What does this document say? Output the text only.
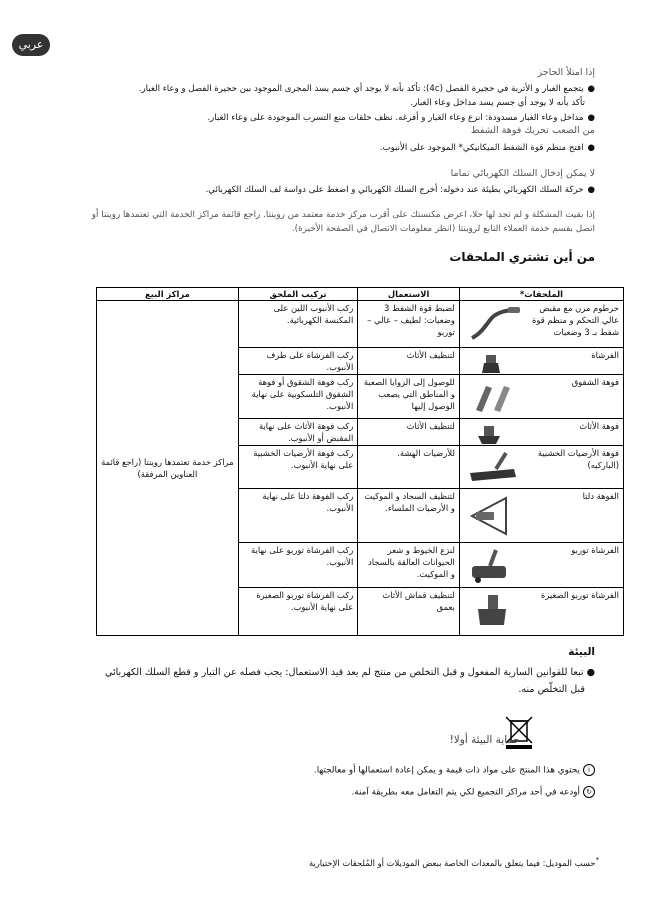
عربي
إذا امتلأ الحاجز
●يتجمع الغبار و الأتربة في حجيرة الفصل (4c): تأكد بأنه لا يوجد أي جسم يسد المجرى الموجود بين حجيرة الفصل و وعاء الغبار.
تأكد بأنه لا يوجد أي جسم يسد مداخل وعاء الغبار.
●مداخل وعاء الغبار مسدودة: انزع وعاء الغبار و أفرغه. نظف حلقات منع التسرب الموجودة على وعاء الغبار.
من الصعب تحريك فوهة الشفط
●افتح منظم قوة الشفط الميكانيكي* الموجود على الأنبوب.
لا يمكن إدخال السلك الكهربائي تماما
●حركة السلك الكهربائي بطيئة عند دخوله: أخرج السلك الكهربائي و اضغط على دواسة لف السلك الكهربائي.
إذا بقيت المشكلة و لم تجد لها حلا، اعرض مكنستك على أقرب مركز خدمة معتمد من روينتا. راجع قائمة مراكز الخدمة التي تعتمدها روينتا أو
اتصل بقسم خدمة العملاء التابع لروينتا (انظر معلومات الاتصال في الصفحة الأخيرة).
من أين تشتري الملحقات
الملحقات*	الاستعمال	تركيب الملحق	مراكز البيع

خرطوم مرن مع مقبض عالي التحكم و منظم قوة شفط بـ 3 وضعيات	لضبط قوة الشفط 3 وضعيات: لطيف – عالي – توربو	ركب الأنبوب اللين على المكنسة الكهربائية.	مراكز خدمة تعتمدها روينتا (راجع قائمة العناوين المرفقة)

الفرشاة	لتنظيف الأثاث	ركب الفرشاة على طرف الأنبوب.	

فوهة الشقوق	للوصول إلى الزوايا الصعبة و المناطق التي يصعب الوصول إليها	ركب فوهة الشقوق أو فوهة الشقوق التلسكوبية على نهاية الأنبوب.	

فوهة الأثاث	لتنظيف الأثاث	ركب فوهة الأثاث على نهاية المقبض أو الأنبوب.	

فوهة الأرضيات الخشبية (الباركيه)	للأرضيات الهشة.	ركب فوهة الأرضيات الخشبية على نهاية الأنبوب.	

الفوهة دلتا	لتنظيف السجاد و الموكيت و الأرضيات الملساء.	ركب الفوهة دلتا على نهاية الأنبوب.	

الفرشاة توربو	لنزع الخيوط و شعر الحيوانات العالقة بالسجاد و الموكيت.	ركب الفرشاة توربو على نهاية الأنبوب.	

الفرشاة توربو الصغيرة	لتنظيف قماش الأثاث بعمق	ركب الفرشاة توربو الصغيرة على نهاية الأنبوب.	
البيئة
● تبعا للقوانين السارية المفعول و قبل التخلص من منتج لم يعد قيد الاستعمال: يجب فصله عن التيار و قطع السلك الكهربائي
قبل التخلّص منه.
حماية البيئة أولا!
iيحتوي هذا المنتج على مواد ذات قيمة و يمكن إعادة استعمالها أو معالجتها.
↻أودعه في أحد مراكز التجميع لكي يتم التعامل معه بطريقة آمنة.
*حسب الموديل: فيما يتعلق بالمعدات الخاصة ببعض الموديلات أو المُلحقات الإختيارية
